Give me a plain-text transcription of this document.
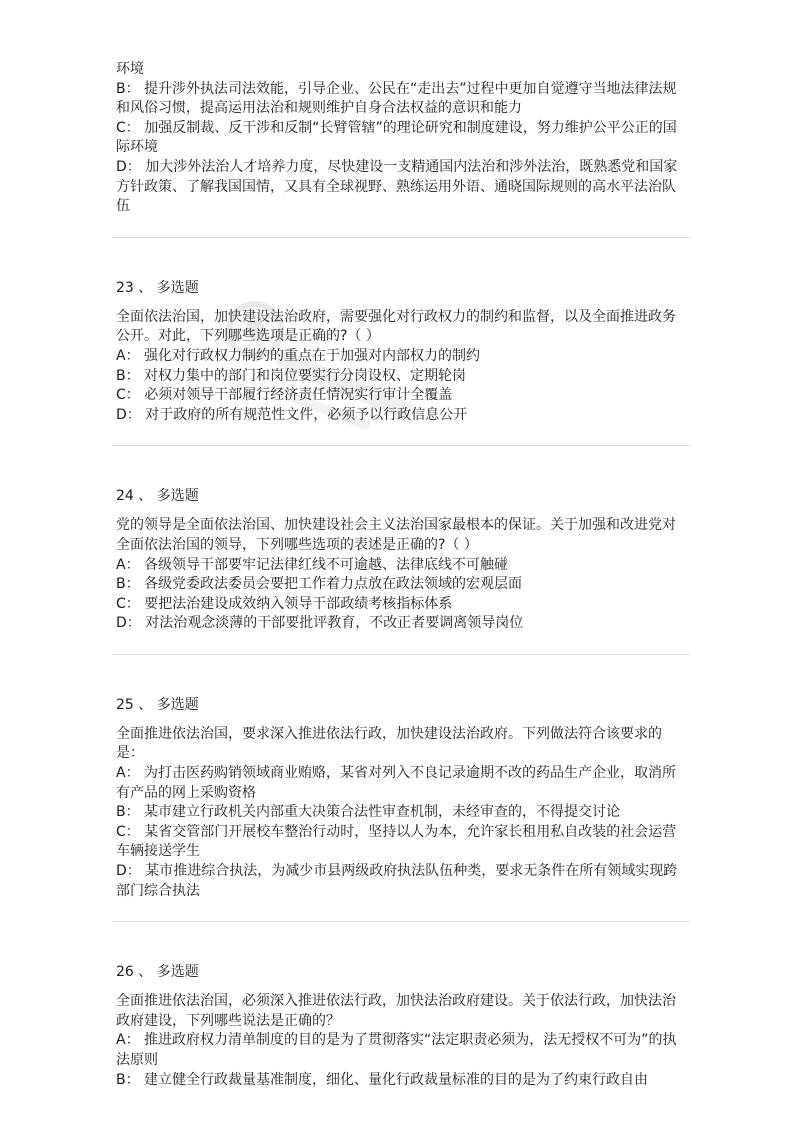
环境

B： 提升涉外执法司法效能，引导企业、公民在“走出去”过程中更加自觉遵守当地法律法规和风俗习惯，提高运用法治和规则维护自身合法权益的意识和能力

C： 加强反制裁、反干涉和反制“长臂管辖”的理论研究和制度建设，努力维护公平公正的国际环境

D： 加大涉外法治人才培养力度，尽快建设一支精通国内法治和涉外法治，既熟悉党和国家方针政策、了解我国国情，又具有全球视野、熟练运用外语、通晓国际规则的高水平法治队伍

23 、 多选题

全面依法治国，加快建设法治政府，需要强化对行政权力的制约和监督，以及全面推进政务公开。对此，下列哪些选项是正确的?（ ）

A： 强化对行政权力制约的重点在于加强对内部权力的制约
B： 对权力集中的部门和岗位要实行分岗设权、定期轮岗
C： 必须对领导干部履行经济责任情况实行审计全覆盖
D： 对于政府的所有规范性文件，必须予以行政信息公开

24 、 多选题

党的领导是全面依法治国、加快建设社会主义法治国家最根本的保证。关于加强和改进党对全面依法治国的领导，下列哪些选项的表述是正确的?（ ）

A： 各级领导干部要牢记法律红线不可逾越、法律底线不可触碰
B： 各级党委政法委员会要把工作着力点放在政法领域的宏观层面
C： 要把法治建设成效纳入领导干部政绩考核指标体系
D： 对法治观念淡薄的干部要批评教育，不改正者要调离领导岗位

25 、 多选题

全面推进依法治国，要求深入推进依法行政，加快建设法治政府。下列做法符合该要求的是：

A： 为打击医药购销领域商业贿赂，某省对列入不良记录逾期不改的药品生产企业，取消所有产品的网上采购资格
B： 某市建立行政机关内部重大决策合法性审查机制，未经审查的，不得提交讨论
C： 某省交管部门开展校车整治行动时，坚持以人为本，允许家长租用私自改装的社会运营车辆接送学生
D： 某市推进综合执法，为减少市县两级政府执法队伍种类，要求无条件在所有领域实现跨部门综合执法

26 、 多选题

全面推进依法治国，必须深入推进依法行政，加快法治政府建设。关于依法行政，加快法治政府建设，下列哪些说法是正确的？

A： 推进政府权力清单制度的目的是为了贯彻落实“法定职责必须为，法无授权不可为”的执法原则
B： 建立健全行政裁量基准制度，细化、量化行政裁量标准的目的是为了约束行政自由
